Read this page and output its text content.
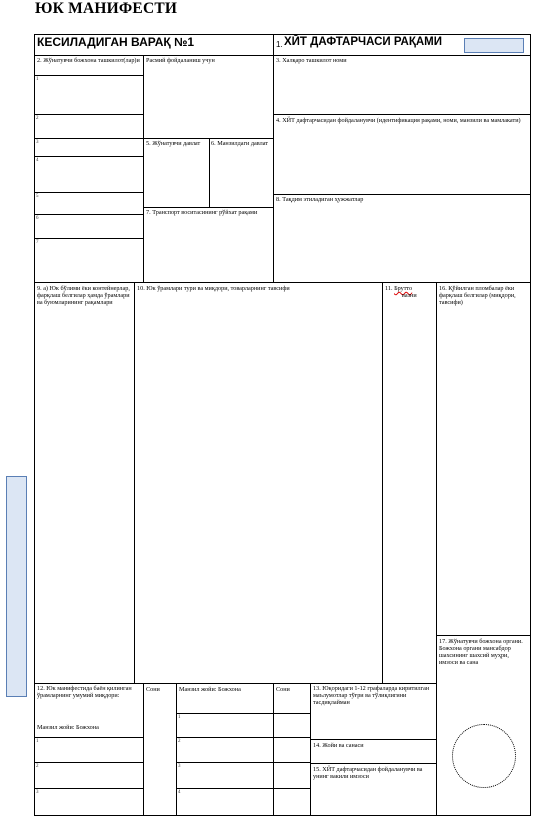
ЮК МАНИФЕСТИ
КЕСИЛАДИГАН ВАРАҚ №1	1. ХЙТ ДАФТАРЧАСИ РАҚАМИ
2. Жўнатувчи божхона ташкилот(лар)и
1
2
3
4
5
6
7
Расмий фойдаланиш учун
5. Жўнатувчи давлат	6. Манзилдаги давлат
7. Транспорт воситасининг рўйхат рақами
3. Халқаро ташкилот номи
4. ХЙТ дафтарчасидан фойдаланувчи (идентификация рақами, номи, манзили ва мамлакати)
8. Тақдим этиладиган ҳужжатлар
9. а) Юк бўлими ёки контейнерлар, фарқлаш белгилар ҳамда ўрамлари ва буюмларининг рақамлари
10. Юк ўрамлари тури ва миқдори, товарларнинг тавсифи	11. Брутто
вазни
16. Қўйилган пломбалар ёки фарқлаш белгилар (миқдори, тавсифи)
17. Жўнатувчи божхона органи. Божхона органи мансабдор шахсининг шахсий муҳри, имзоси ва сана
12. Юк манифестида баён қилинган ўрамларнинг умумий миқдори:
Манзил жойи: Божхона
1
2
3
Сони	Манзил жойи: Божхона	Сони
1
2
3
4
13. Юқоридаги 1-12 графаларда киритилган маълумотлар тўғри ва тўлиқлигини тасдиқлайман
14. Жойи ва санаси
15. ХЙТ дафтарчасидан фойдаланувчи ва унинг вакили имзоси
